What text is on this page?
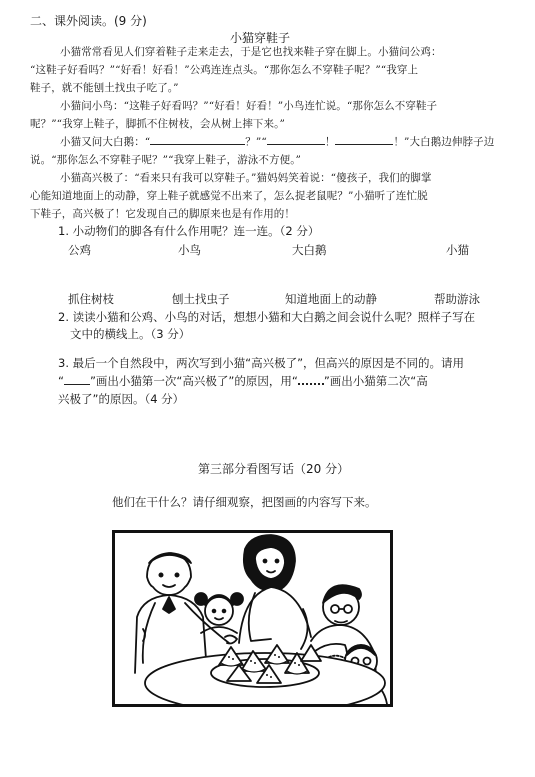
二、课外阅读。(9 分)
小猫穿鞋子
小猫常常看见人们穿着鞋子走来走去，于是它也找来鞋子穿在脚上。小猫问公鸡：
“这鞋子好看吗？”“好看！好看！”公鸡连连点头。“那你怎么不穿鞋子呢？”“我穿上
鞋子，就不能刨土找虫子吃了。”
小猫问小鸟：“这鞋子好看吗？”“好看！好看！”小鸟连忙说。“那你怎么不穿鞋子
呢？”“我穿上鞋子，脚抓不住树枝，会从树上摔下来。”
小猫又问大白鹅：“	？”“	！	！”大白鹅边伸脖子边
说。“那你怎么不穿鞋子呢？”“我穿上鞋子，游泳不方便。”
小猫高兴极了：“看来只有我可以穿鞋子。”猫妈妈笑着说：“傻孩子，我们的脚掌
心能知道地面上的动静，穿上鞋子就感觉不出来了，怎么捉老鼠呢？”小猫听了连忙脱
下鞋子，高兴极了！它发现自己的脚原来也是有作用的！
1. 小动物们的脚各有什么作用呢？连一连。（2 分）
公鸡	小鸟	大白鹅	小猫
抓住树枝	刨土找虫子	知道地面上的动静	帮助游泳
2. 读读小猫和公鸡、小鸟的对话，想想小猫和大白鹅之间会说什么呢？照样子写在
文中的横线上。（3 分）
3. 最后一个自然段中，两次写到小猫“高兴极了”，但高兴的原因是不同的。请用
“ ”画出小猫第一次“高兴极了”的原因，用“ ”画出小猫第二次“高
兴极了”的原因。（4 分）
第三部分看图写话（20 分）
他们在干什么？请仔细观察，把图画的内容写下来。
